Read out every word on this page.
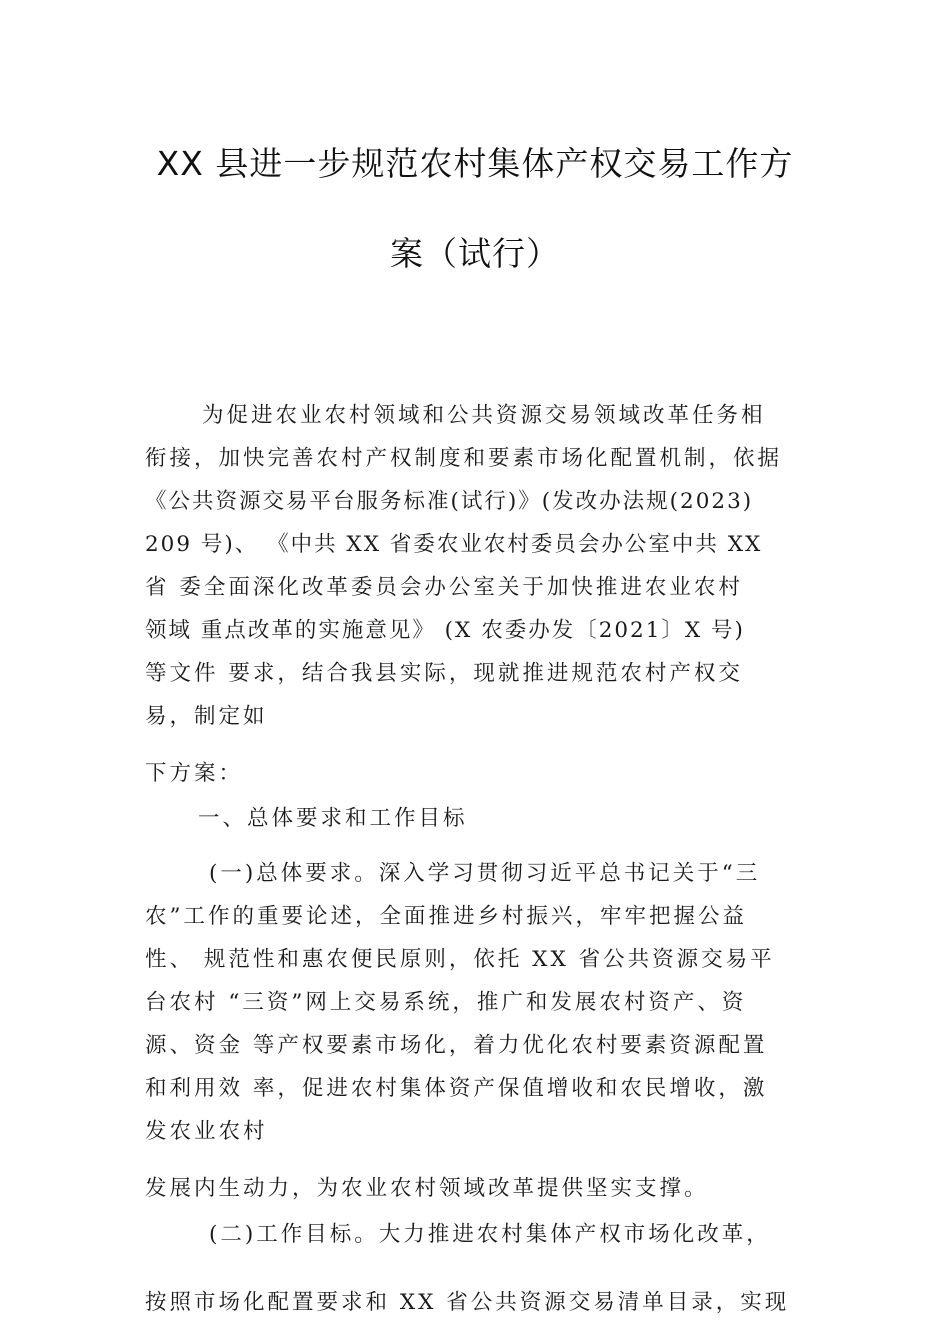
XX 县进一步规范农村集体产权交易工作方
案（试行）
为促进农业农村领域和公共资源交易领域改革任务相
衔接，加快完善农村产权制度和要素市场化配置机制，依据
《公共资源交易平台服务标准(试行)》(发改办法规(2023)
209 号)、 《中共 XX 省委农业农村委员会办公室中共 XX
省 委全面深化改革委员会办公室关于加快推进农业农村
领域 重点改革的实施意见》 (X 农委办发〔2021〕X 号)
等文件 要求，结合我县实际，现就推进规范农村产权交
易，制定如
下方案：
一、总体要求和工作目标
(一)总体要求。深入学习贯彻习近平总书记关于“三
农”工作的重要论述，全面推进乡村振兴，牢牢把握公益
性、 规范性和惠农便民原则，依托 XX 省公共资源交易平
台农村 “三资”网上交易系统，推广和发展农村资产、资
源、资金 等产权要素市场化，着力优化农村要素资源配置
和利用效 率，促进农村集体资产保值增收和农民增收，激
发农业农村
发展内生动力，为农业农村领域改革提供坚实支撑。
(二)工作目标。大力推进农村集体产权市场化改革，
按照市场化配置要求和 XX 省公共资源交易清单目录，实现
